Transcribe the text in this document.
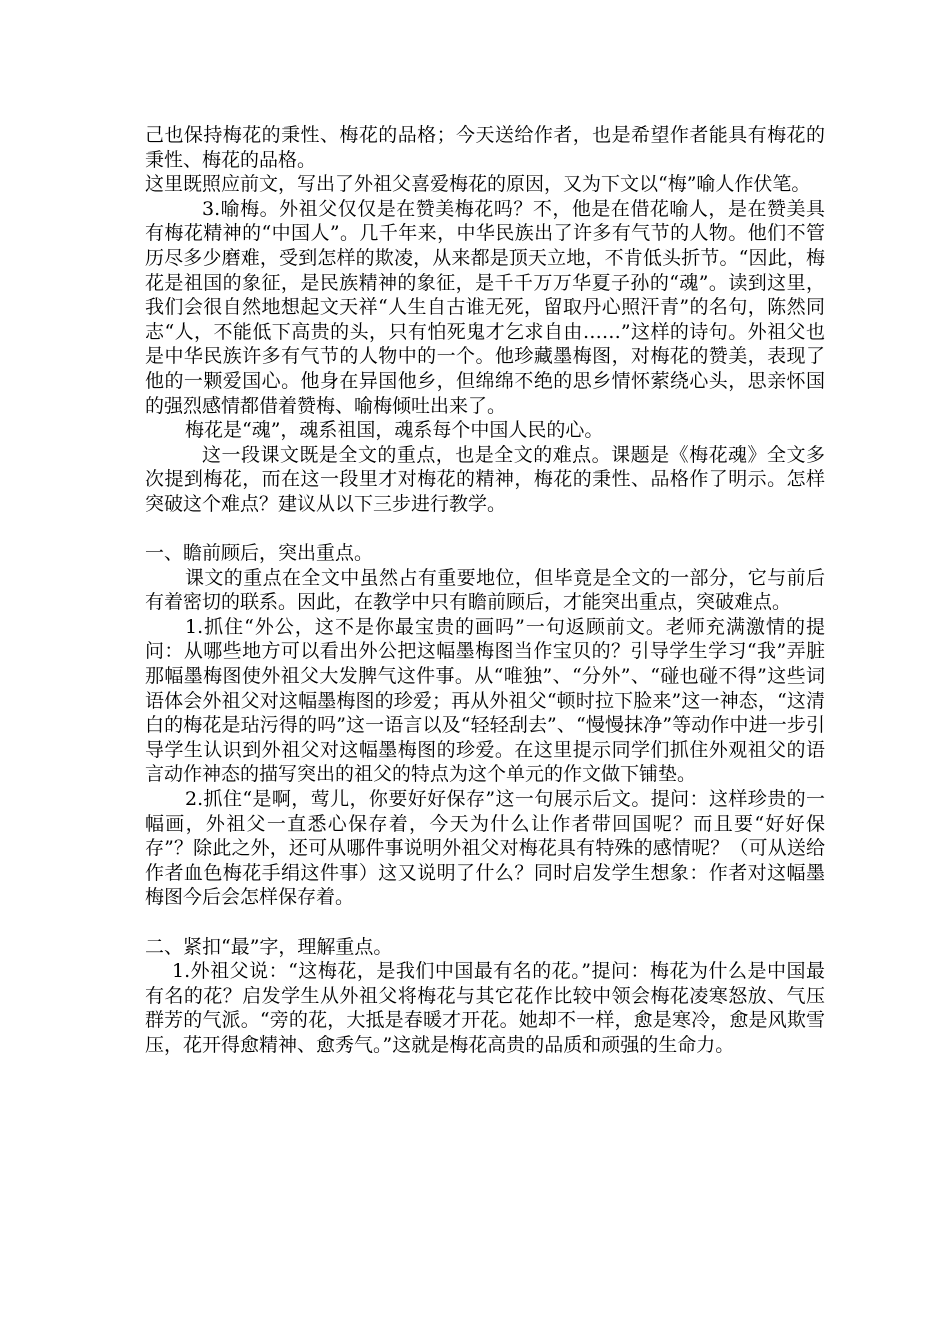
己也保持梅花的秉性、梅花的品格；今天送给作者，也是希望作者能具有梅花的秉性、梅花的品格。

这里既照应前文，写出了外祖父喜爱梅花的原因，又为下文以“梅”喻人作伏笔。

3.喻梅。外祖父仅仅是在赞美梅花吗？不，他是在借花喻人，是在赞美具有梅花精神的“中国人”。几千年来，中华民族出了许多有气节的人物。他们不管历尽多少磨难，受到怎样的欺凌，从来都是顶天立地，不肯低头折节。“因此，梅花是祖国的象征，是民族精神的象征，是千千万万华夏子孙的“魂”。读到这里，我们会很自然地想起文天祥“人生自古谁无死，留取丹心照汗青”的名句，陈然同志“人，不能低下高贵的头，只有怕死鬼才乞求自由……”这样的诗句。外祖父也是中华民族许多有气节的人物中的一个。他珍藏墨梅图，对梅花的赞美，表现了他的一颗爱国心。他身在异国他乡，但绵绵不绝的思乡情怀萦绕心头，思亲怀国的强烈感情都借着赞梅、喻梅倾吐出来了。

梅花是“魂”，魂系祖国，魂系每个中国人民的心。

这一段课文既是全文的重点，也是全文的难点。课题是《梅花魂》全文多次提到梅花，而在这一段里才对梅花的精神，梅花的秉性、品格作了明示。怎样突破这个难点？建议从以下三步进行教学。

一、瞻前顾后，突出重点。

课文的重点在全文中虽然占有重要地位，但毕竟是全文的一部分，它与前后有着密切的联系。因此，在教学中只有瞻前顾后，才能突出重点，突破难点。

1.抓住“外公，这不是你最宝贵的画吗”一句返顾前文。老师充满激情的提问：从哪些地方可以看出外公把这幅墨梅图当作宝贝的？引导学生学习“我”弄脏那幅墨梅图使外祖父大发脾气这件事。从“唯独”、“分外”、“碰也碰不得”这些词语体会外祖父对这幅墨梅图的珍爱；再从外祖父“顿时拉下脸来”这一神态，“这清白的梅花是玷污得的吗”这一语言以及“轻轻刮去”、“慢慢抹净”等动作中进一步引导学生认识到外祖父对这幅墨梅图的珍爱。在这里提示同学们抓住外观祖父的语言动作神态的描写突出的祖父的特点为这个单元的作文做下铺垫。

2.抓住“是啊，莺儿，你要好好保存”这一句展示后文。提问：这样珍贵的一幅画，外祖父一直悉心保存着，今天为什么让作者带回国呢？而且要“好好保存”？除此之外，还可从哪件事说明外祖父对梅花具有特殊的感情呢？（可从送给作者血色梅花手绢这件事）这又说明了什么？同时启发学生想象：作者对这幅墨梅图今后会怎样保存着。

二、紧扣“最”字，理解重点。

1.外祖父说：“这梅花，是我们中国最有名的花。”提问：梅花为什么是中国最有名的花？启发学生从外祖父将梅花与其它花作比较中领会梅花凌寒怒放、气压群芳的气派。“旁的花，大抵是春暖才开花。她却不一样，愈是寒冷，愈是风欺雪压，花开得愈精神、愈秀气。”这就是梅花高贵的品质和顽强的生命力。
